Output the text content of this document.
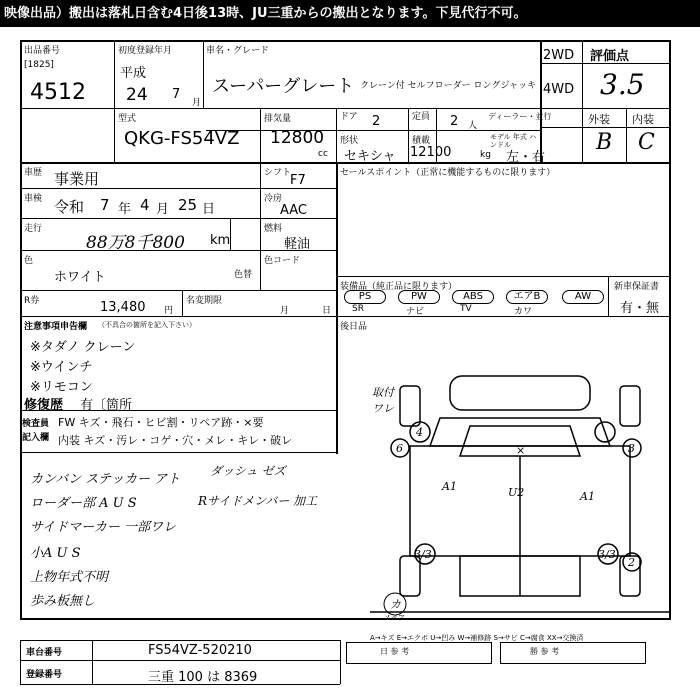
映像出品）搬出は落札日含む4日後13時、JU三重からの搬出となります。下見代行不可。
出品番号
[1825]
4512
初度登録年月
平成
24 7
月
車名・グレード
スーパーグレート クレーン付 セルフローダー ロングジャッキ
2WD
4WD
評価点
3.5
外装 内装
B C
型式
QKG-FS54VZ
排気量
12800
cc
ドア 2	定員 2 人
ディーラー・並行
形状
セキシャ
積載
12100	kg
モデル 年式 ハンドル
左・右
車歴 事業用	シフト
F7	セールスポイント（正常に機能するものに限ります）
車検 令和 7 年 4 月 25 日
冷房
AAC
走行
88万8千800 km
燃料
軽油
色
ホワイト	色替
色コード
装備品（純正品に限ります）	新車保証書
有・無
PS
SR
PW
ナビ
ABS
TV
エアB
カワ
AW
R券	13,480 円
名変期限
月	日
後日品
注意事項申告欄 （不具合の箇所を記入下さい）
※タダノ クレーン
※ウインチ
※リモコン
修復歴 有〔箇所
検査員
記入欄
FW キズ・飛石・ヒビ割・リペア跡・×要
内装 キズ・汚レ・コゲ・穴・メレ・キレ・破レ
カンバン ステッカー アト
ローダー部 A U S
サイドマーカー 一部ワレ
小A U S
上物年式不明
歩み板無し
ダッシュ ゼズ
Rサイドメンバー 加工
取付 ワレ
4
6
A1
A1
×
U2
3/3	3/3
3
2
カ
スペア
A→キズ E→エクボ U→凹み W→補修跡 S→サビ C→腐食 XX→交換済
車台番号	FS54VZ-520210
登録番号	三重 100 は 8369
日 参 考	勝 参 考
